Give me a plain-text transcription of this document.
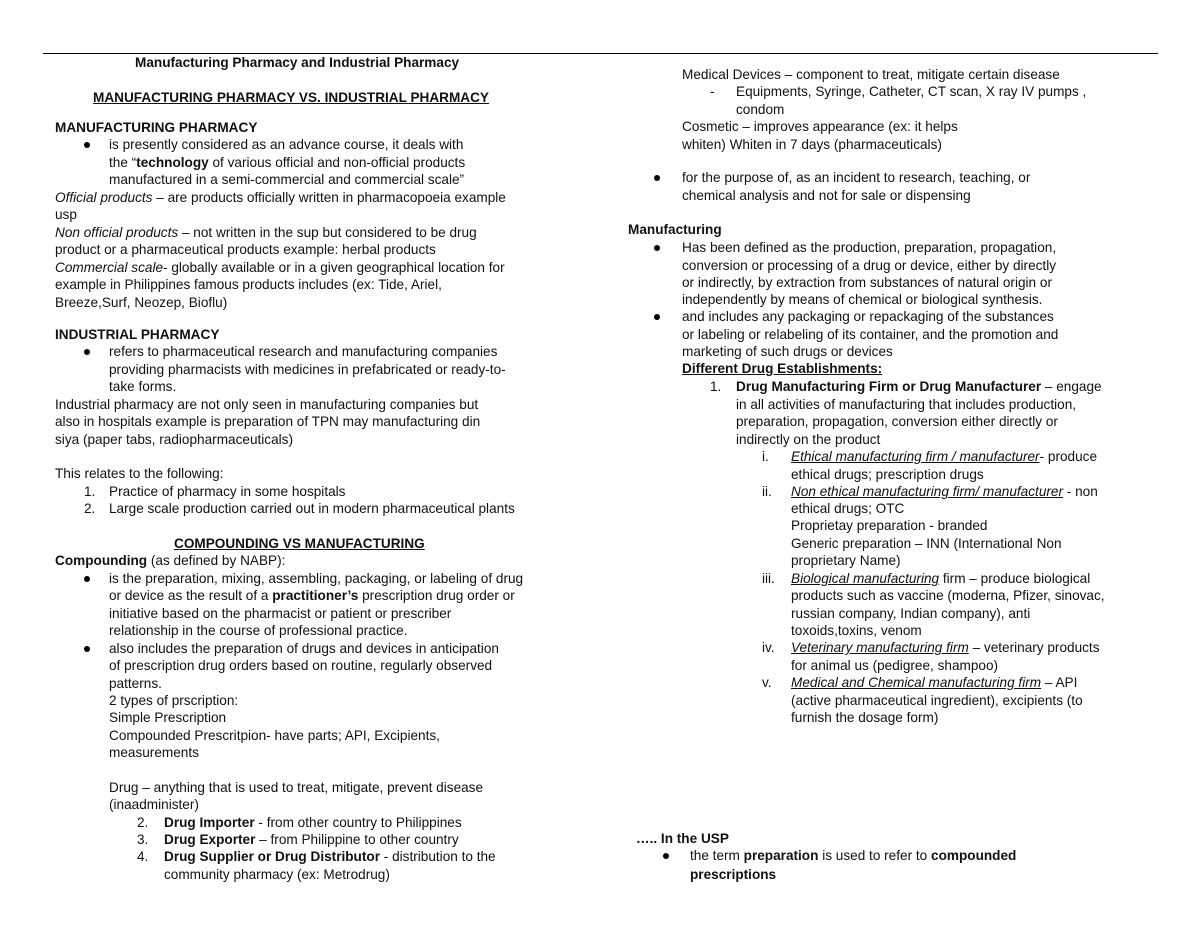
Manufacturing Pharmacy and Industrial Pharmacy
MANUFACTURING PHARMACY VS. INDUSTRIAL PHARMACY
MANUFACTURING PHARMACY
is presently considered as an advance course, it deals with
the “technology of various official and non-official products
manufactured in a semi-commercial and commercial scale”
Official products – are products officially written in pharmacopoeia example
usp
Non official products – not written in the sup but considered to be drug
product or a pharmaceutical products example: herbal products
Commercial scale- globally available or in a given geographical location for
example in Philippines famous products includes (ex: Tide, Ariel,
Breeze,Surf, Neozep, Bioflu)
INDUSTRIAL PHARMACY
refers to pharmaceutical research and manufacturing companies
providing pharmacists with medicines in prefabricated or ready-to-
take forms.
Industrial pharmacy are not only seen in manufacturing companies but
also in hospitals example is preparation of TPN may manufacturing din
siya (paper tabs, radiopharmaceuticals)
This relates to the following:
1. Practice of pharmacy in some hospitals
2. Large scale production carried out in modern pharmaceutical plants
COMPOUNDING VS MANUFACTURING
Compounding (as defined by NABP):
is the preparation, mixing, assembling, packaging, or labeling of drug
or device as the result of a practitioner’s prescription drug order or
initiative based on the pharmacist or patient or prescriber
relationship in the course of professional practice.
also includes the preparation of drugs and devices in anticipation
of prescription drug orders based on routine, regularly observed
patterns.
2 types of prscription:
Simple Prescription
Compounded Prescritpion- have parts; API, Excipients,
measurements
Drug – anything that is used to treat, mitigate, prevent disease
(inaadminister)
2. Drug Importer - from other country to Philippines
3. Drug Exporter – from Philippine to other country
4. Drug Supplier or Drug Distributor - distribution to the
community pharmacy (ex: Metrodrug)
Medical Devices – component to treat, mitigate certain disease
- Equipments, Syringe, Catheter, CT scan, X ray IV pumps ,
condom
Cosmetic – improves appearance (ex: it helps
whiten) Whiten in 7 days (pharmaceuticals)
for the purpose of, as an incident to research, teaching, or
chemical analysis and not for sale or dispensing
Manufacturing
Has been defined as the production, preparation, propagation,
conversion or processing of a drug or device, either by directly
or indirectly, by extraction from substances of natural origin or
independently by means of chemical or biological synthesis.
and includes any packaging or repackaging of the substances
or labeling or relabeling of its container, and the promotion and
marketing of such drugs or devices
Different Drug Establishments:
1. Drug Manufacturing Firm or Drug Manufacturer – engage
in all activities of manufacturing that includes production,
preparation, propagation, conversion either directly or
indirectly on the product
i. Ethical manufacturing firm / manufacturer- produce
ethical drugs; prescription drugs
ii. Non ethical manufacturing firm/ manufacturer - non
ethical drugs; OTC
Proprietay preparation - branded
Generic preparation – INN (International Non
proprietary Name)
iii. Biological manufacturing firm – produce biological
products such as vaccine (moderna, Pfizer, sinovac,
russian company, Indian company), anti
toxoids,toxins, venom
iv. Veterinary manufacturing firm – veterinary products
for animal us (pedigree, shampoo)
v. Medical and Chemical manufacturing firm – API
(active pharmaceutical ingredient), excipients (to
furnish the dosage form)
….. In the USP
the term preparation is used to refer to compounded
prescriptions
